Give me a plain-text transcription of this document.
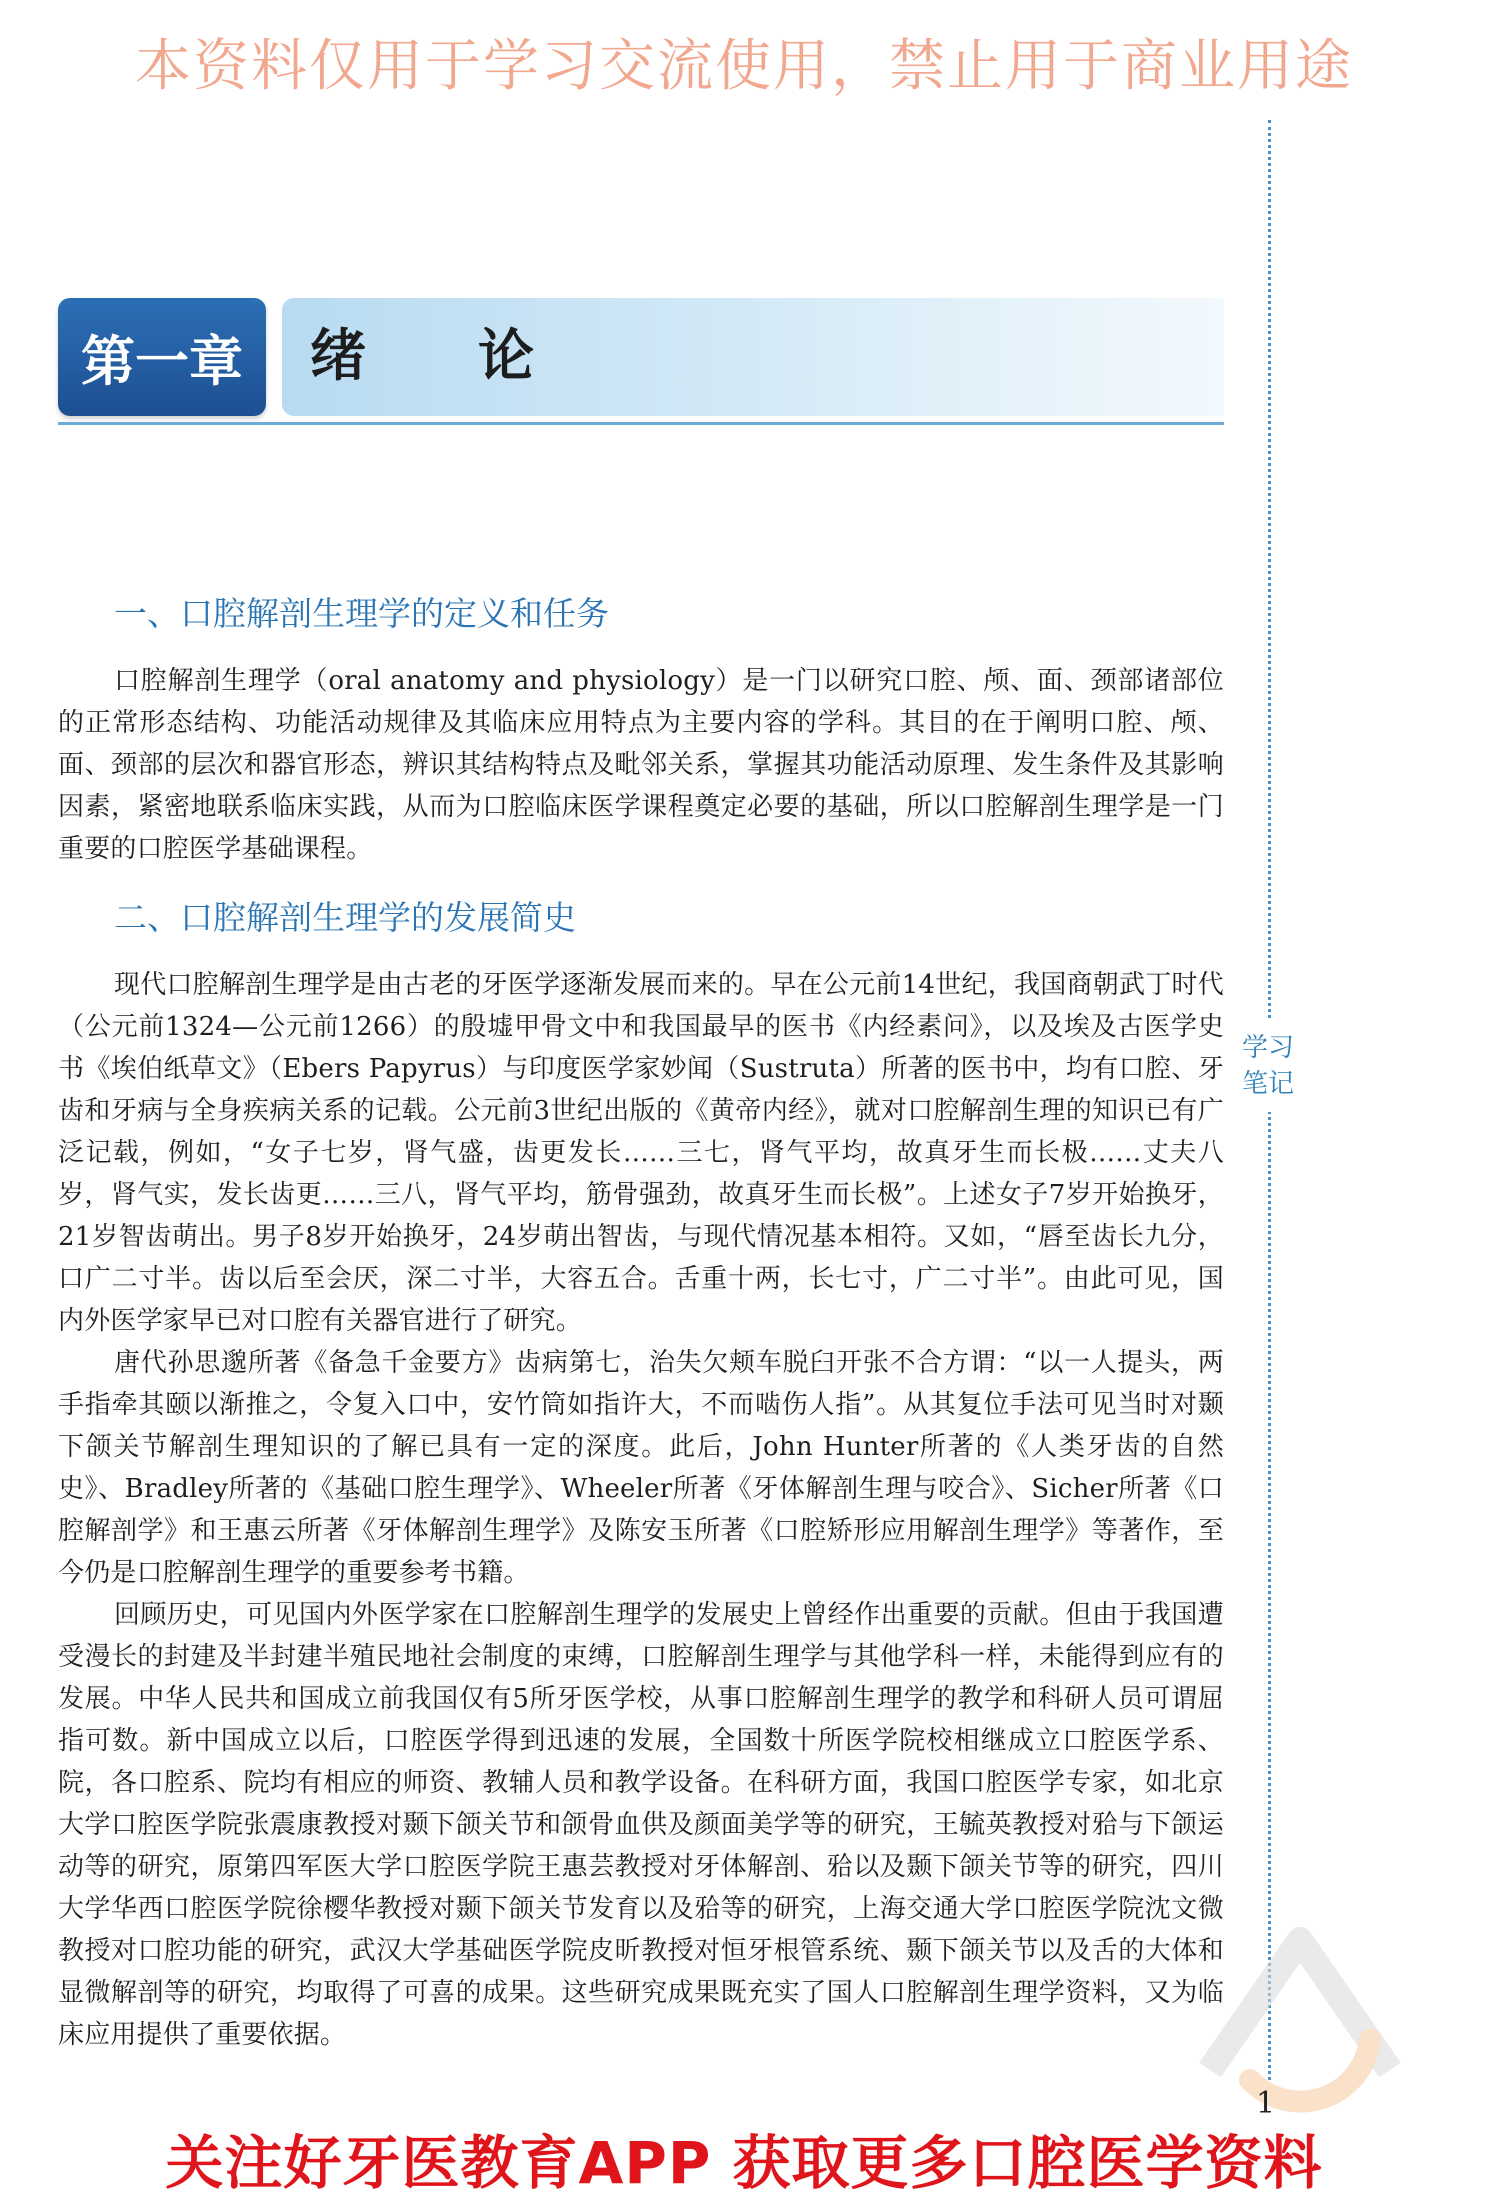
本资料仅用于学习交流使用，禁止用于商业用途
学习笔记
第一章	绪　　论
一、口腔解剖生理学的定义和任务

口腔解剖生理学（oral anatomy and physiology）是一门以研究口腔、颅、面、颈部诸部位的正常形态结构、功能活动规律及其临床应用特点为主要内容的学科。其目的在于阐明口腔、颅、面、颈部的层次和器官形态，辨识其结构特点及毗邻关系，掌握其功能活动原理、发生条件及其影响因素，紧密地联系临床实践，从而为口腔临床医学课程奠定必要的基础，所以口腔解剖生理学是一门重要的口腔医学基础课程。

二、口腔解剖生理学的发展简史

现代口腔解剖生理学是由古老的牙医学逐渐发展而来的。早在公元前14世纪，我国商朝武丁时代（公元前1324—公元前1266）的殷墟甲骨文中和我国最早的医书《内经素问》，以及埃及古医学史书《埃伯纸草文》（Ebers Papyrus）与印度医学家妙闻（Sustruta）所著的医书中，均有口腔、牙齿和牙病与全身疾病关系的记载。公元前3世纪出版的《黄帝内经》，就对口腔解剖生理的知识已有广泛记载，例如，“女子七岁，肾气盛，齿更发长……三七，肾气平均，故真牙生而长极……丈夫八岁，肾气实，发长齿更……三八，肾气平均，筋骨强劲，故真牙生而长极”。上述女子7岁开始换牙，21岁智齿萌出。男子8岁开始换牙，24岁萌出智齿，与现代情况基本相符。又如，“唇至齿长九分，口广二寸半。齿以后至会厌，深二寸半，大容五合。舌重十两，长七寸，广二寸半”。由此可见，国内外医学家早已对口腔有关器官进行了研究。

唐代孙思邈所著《备急千金要方》齿病第七，治失欠颊车脱臼开张不合方谓：“以一人提头，两手指牵其颐以渐推之，令复入口中，安竹筒如指许大，不而啮伤人指”。从其复位手法可见当时对颞下颌关节解剖生理知识的了解已具有一定的深度。此后，John Hunter所著的《人类牙齿的自然史》、Bradley所著的《基础口腔生理学》、Wheeler所著《牙体解剖生理与咬合》、Sicher所著《口腔解剖学》和王惠云所著《牙体解剖生理学》及陈安玉所著《口腔矫形应用解剖生理学》等著作，至今仍是口腔解剖生理学的重要参考书籍。

回顾历史，可见国内外医学家在口腔解剖生理学的发展史上曾经作出重要的贡献。但由于我国遭受漫长的封建及半封建半殖民地社会制度的束缚，口腔解剖生理学与其他学科一样，未能得到应有的发展。中华人民共和国成立前我国仅有5所牙医学校，从事口腔解剖生理学的教学和科研人员可谓屈指可数。新中国成立以后，口腔医学得到迅速的发展，全国数十所医学院校相继成立口腔医学系、院，各口腔系、院均有相应的师资、教辅人员和教学设备。在科研方面，我国口腔医学专家，如北京大学口腔医学院张震康教授对颞下颌关节和颌骨血供及颜面美学等的研究，王毓英教授对𬌗与下颌运动等的研究，原第四军医大学口腔医学院王惠芸教授对牙体解剖、𬌗以及颞下颌关节等的研究，四川大学华西口腔医学院徐樱华教授对颞下颌关节发育以及𬌗等的研究，上海交通大学口腔医学院沈文微教授对口腔功能的研究，武汉大学基础医学院皮昕教授对恒牙根管系统、颞下颌关节以及舌的大体和显微解剖等的研究，均取得了可喜的成果。这些研究成果既充实了国人口腔解剖生理学资料，又为临床应用提供了重要依据。

1
关注好牙医教育APP 获取更多口腔医学资料
